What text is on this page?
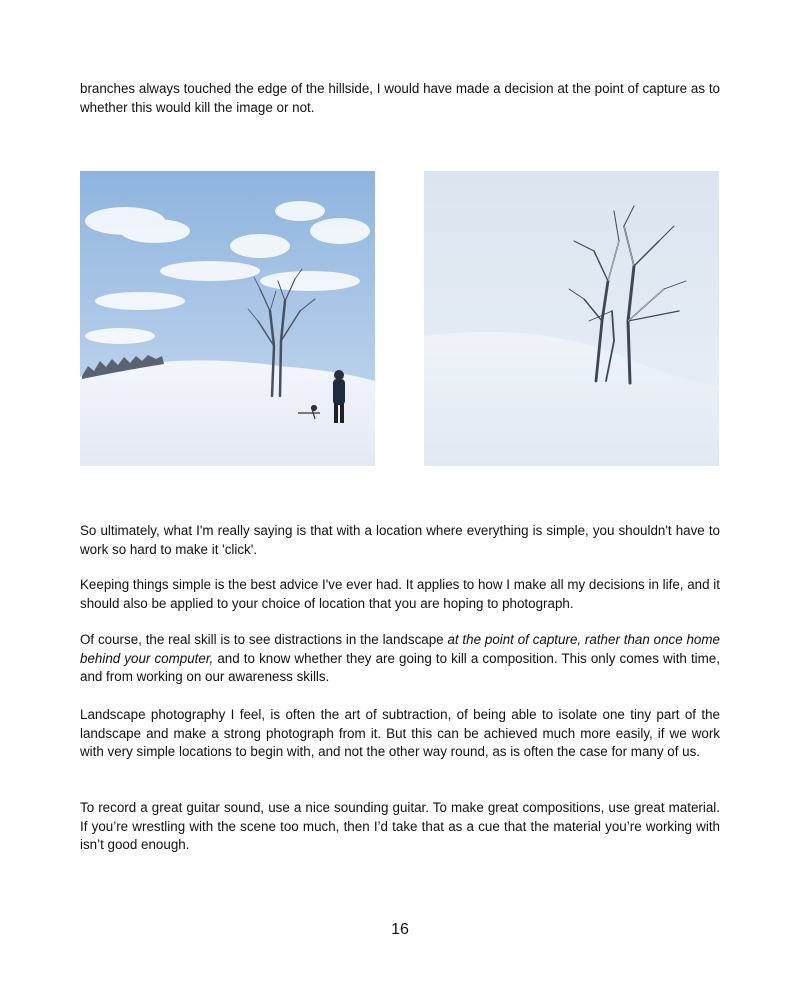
branches always touched the edge of the hillside, I would have made a decision at the point of capture as to whether this would kill the image or not.

So ultimately, what I'm really saying is that with a location where everything is simple, you shouldn't have to work so hard to make it 'click'.

Keeping things simple is the best advice I've ever had. It applies to how I make all my decisions in life, and it should also be applied to your choice of location that you are hoping to photograph.

Of course, the real skill is to see distractions in the landscape at the point of capture, rather than once home behind your computer, and to know whether they are going to kill a composition. This only comes with time, and from working on our awareness skills.

Landscape photography I feel, is often the art of subtraction, of being able to isolate one tiny part of the landscape and make a strong photograph from it. But this can be achieved much more easily, if we work with very simple locations to begin with, and not the other way round, as is often the case for many of us.

To record a great guitar sound, use a nice sounding guitar. To make great compositions, use great material. If you’re wrestling with the scene too much, then I’d take that as a cue that the material you’re working with isn’t good enough.

16
